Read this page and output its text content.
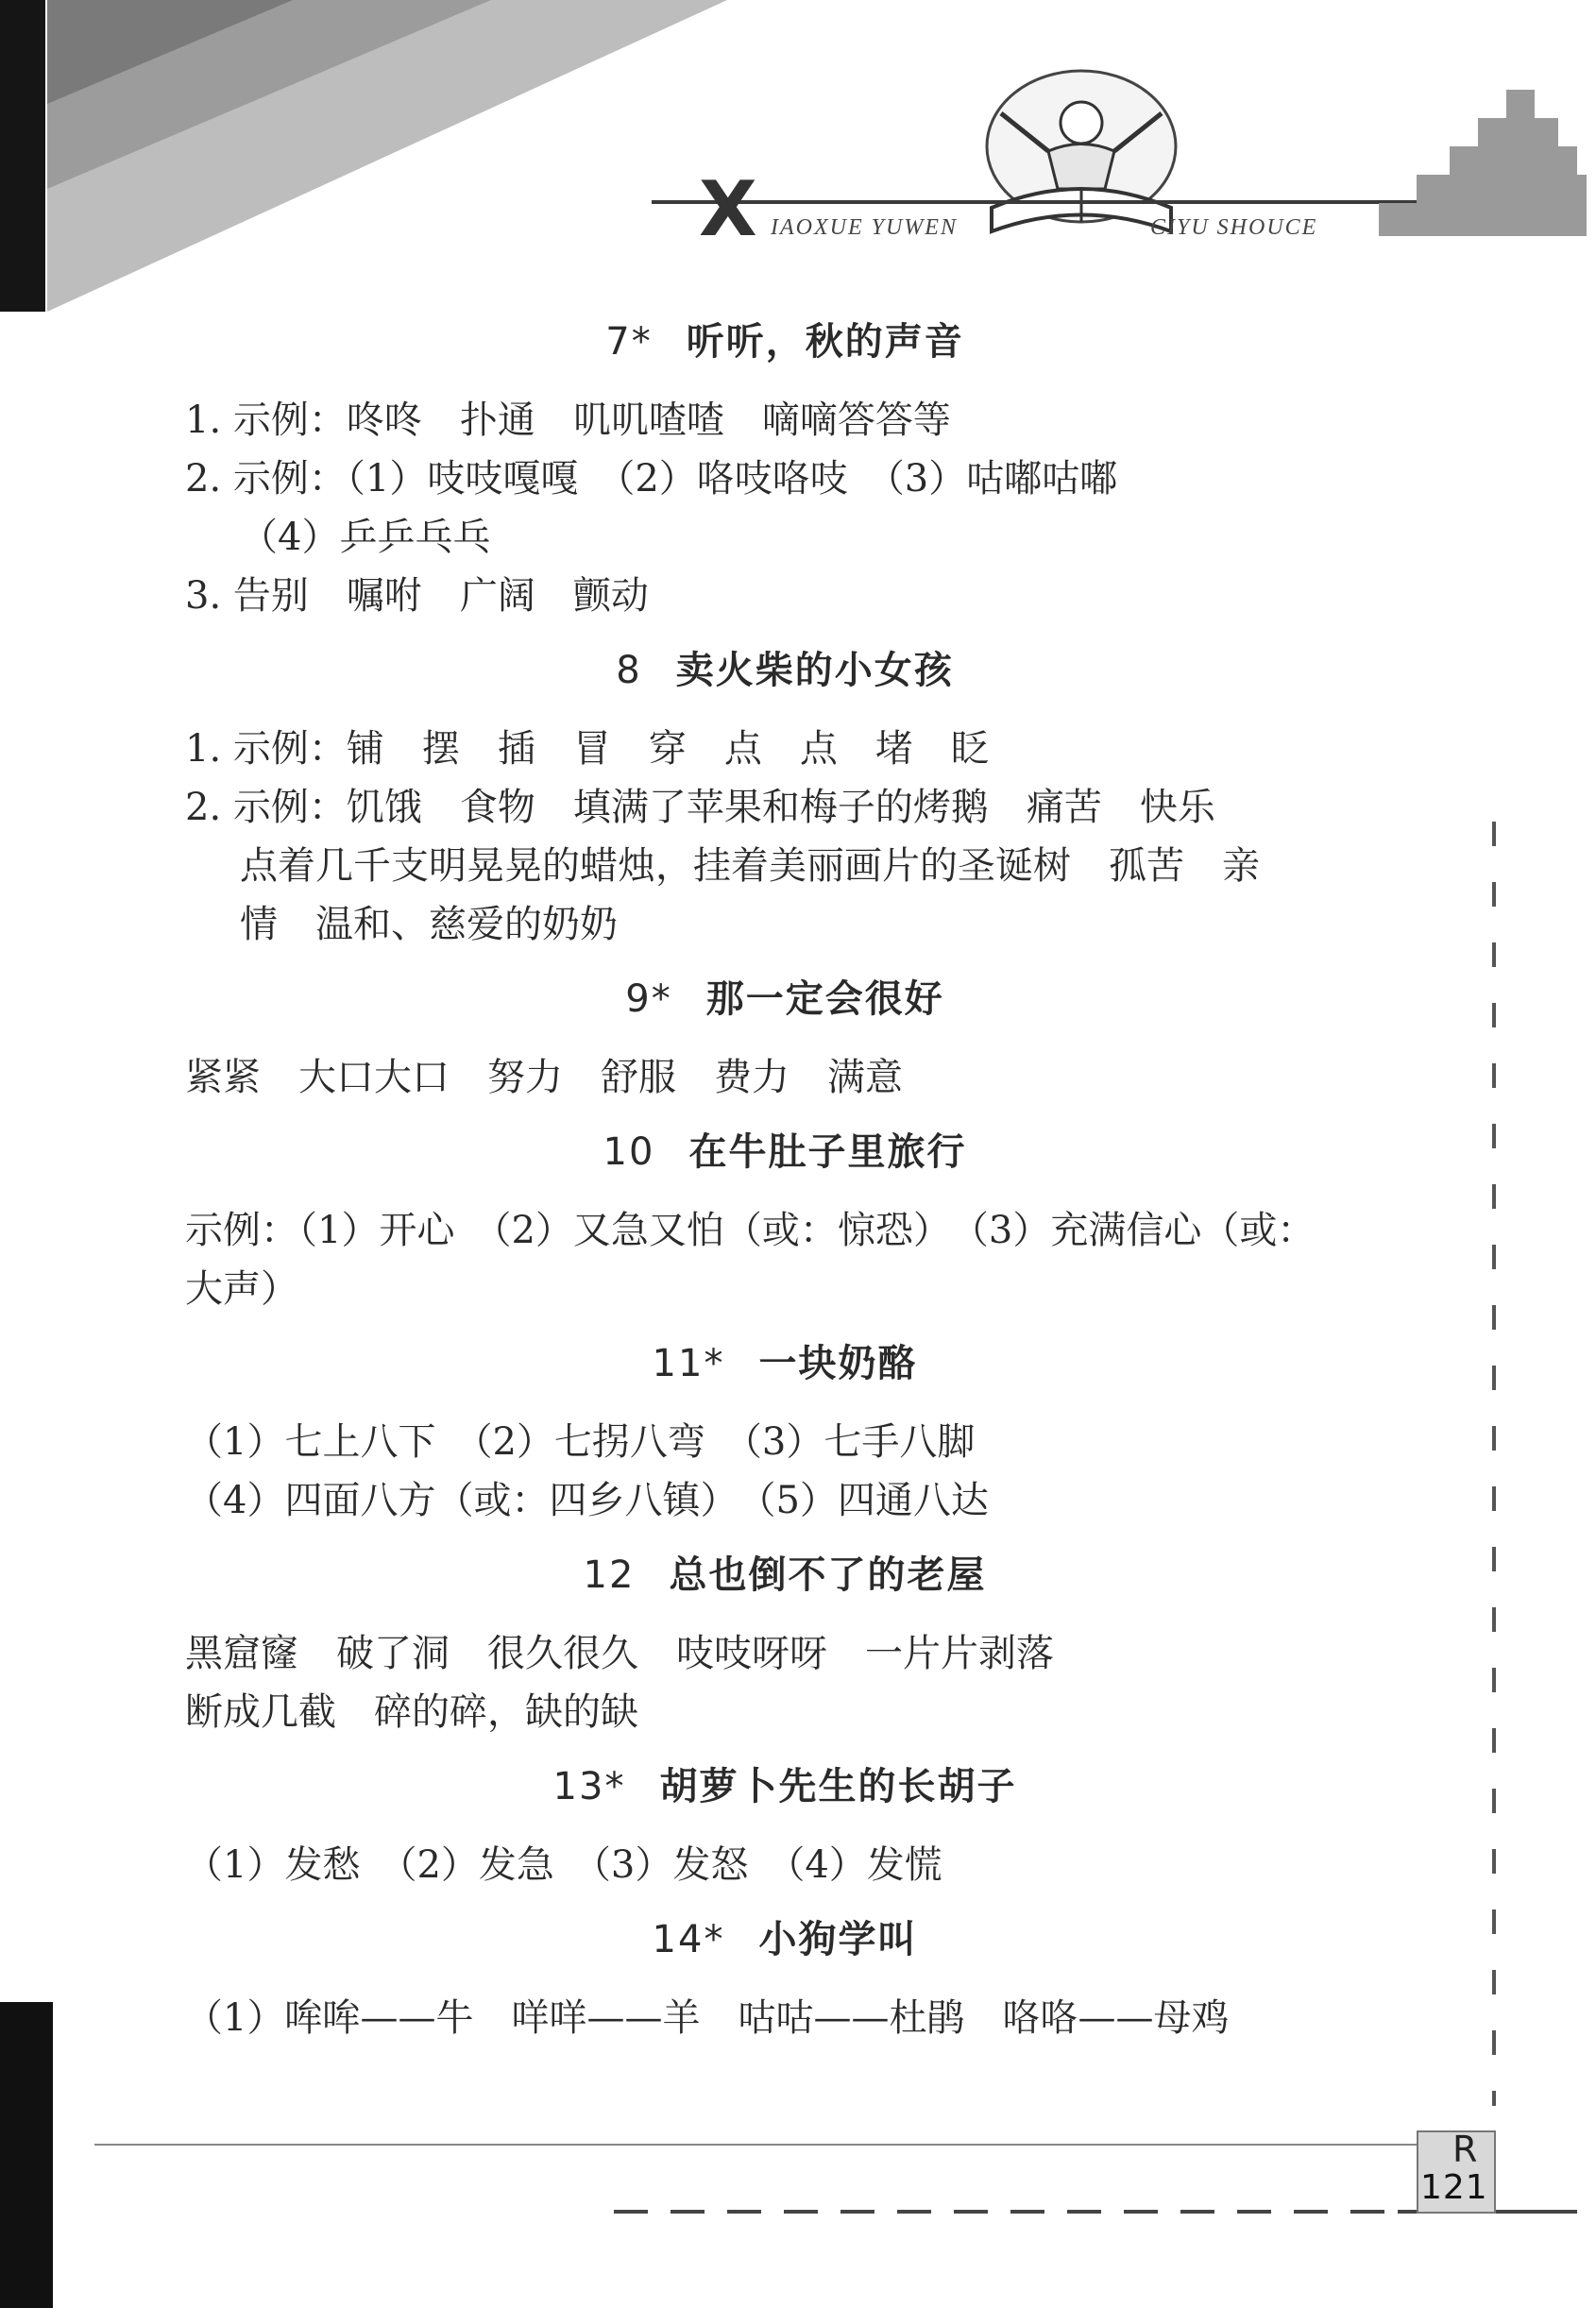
X IAOXUE YUWEN	CIYU SHOUCE
7* 听听，秋的声音
1. 示例：咚咚　扑通　叽叽喳喳　嘀嘀答答等
2. 示例：（1）吱吱嘎嘎　（2）咯吱咯吱　（3）咕嘟咕嘟
（4）乒乒乓乓
3. 告别　嘱咐　广阔　颤动
8 卖火柴的小女孩
1. 示例：铺　摆　插　冒　穿　点　点　堵　眨
2. 示例：饥饿　食物　填满了苹果和梅子的烤鹅　痛苦　快乐
点着几千支明晃晃的蜡烛，挂着美丽画片的圣诞树　孤苦　亲
情　温和、慈爱的奶奶
9* 那一定会很好
紧紧　大口大口　努力　舒服　费力　满意
10 在牛肚子里旅行
示例：（1）开心　（2）又急又怕（或：惊恐）　（3）充满信心（或：
大声）
11* 一块奶酪
（1）七上八下　（2）七拐八弯　（3）七手八脚
（4）四面八方（或：四乡八镇）　（5）四通八达
12 总也倒不了的老屋
黑窟窿　破了洞　很久很久　吱吱呀呀　一片片剥落
断成几截　碎的碎，缺的缺
13* 胡萝卜先生的长胡子
（1）发愁　（2）发急　（3）发怒　（4）发慌
14* 小狗学叫
（1）哞哞——牛　咩咩——羊　咕咕——杜鹃　咯咯——母鸡
R
121
